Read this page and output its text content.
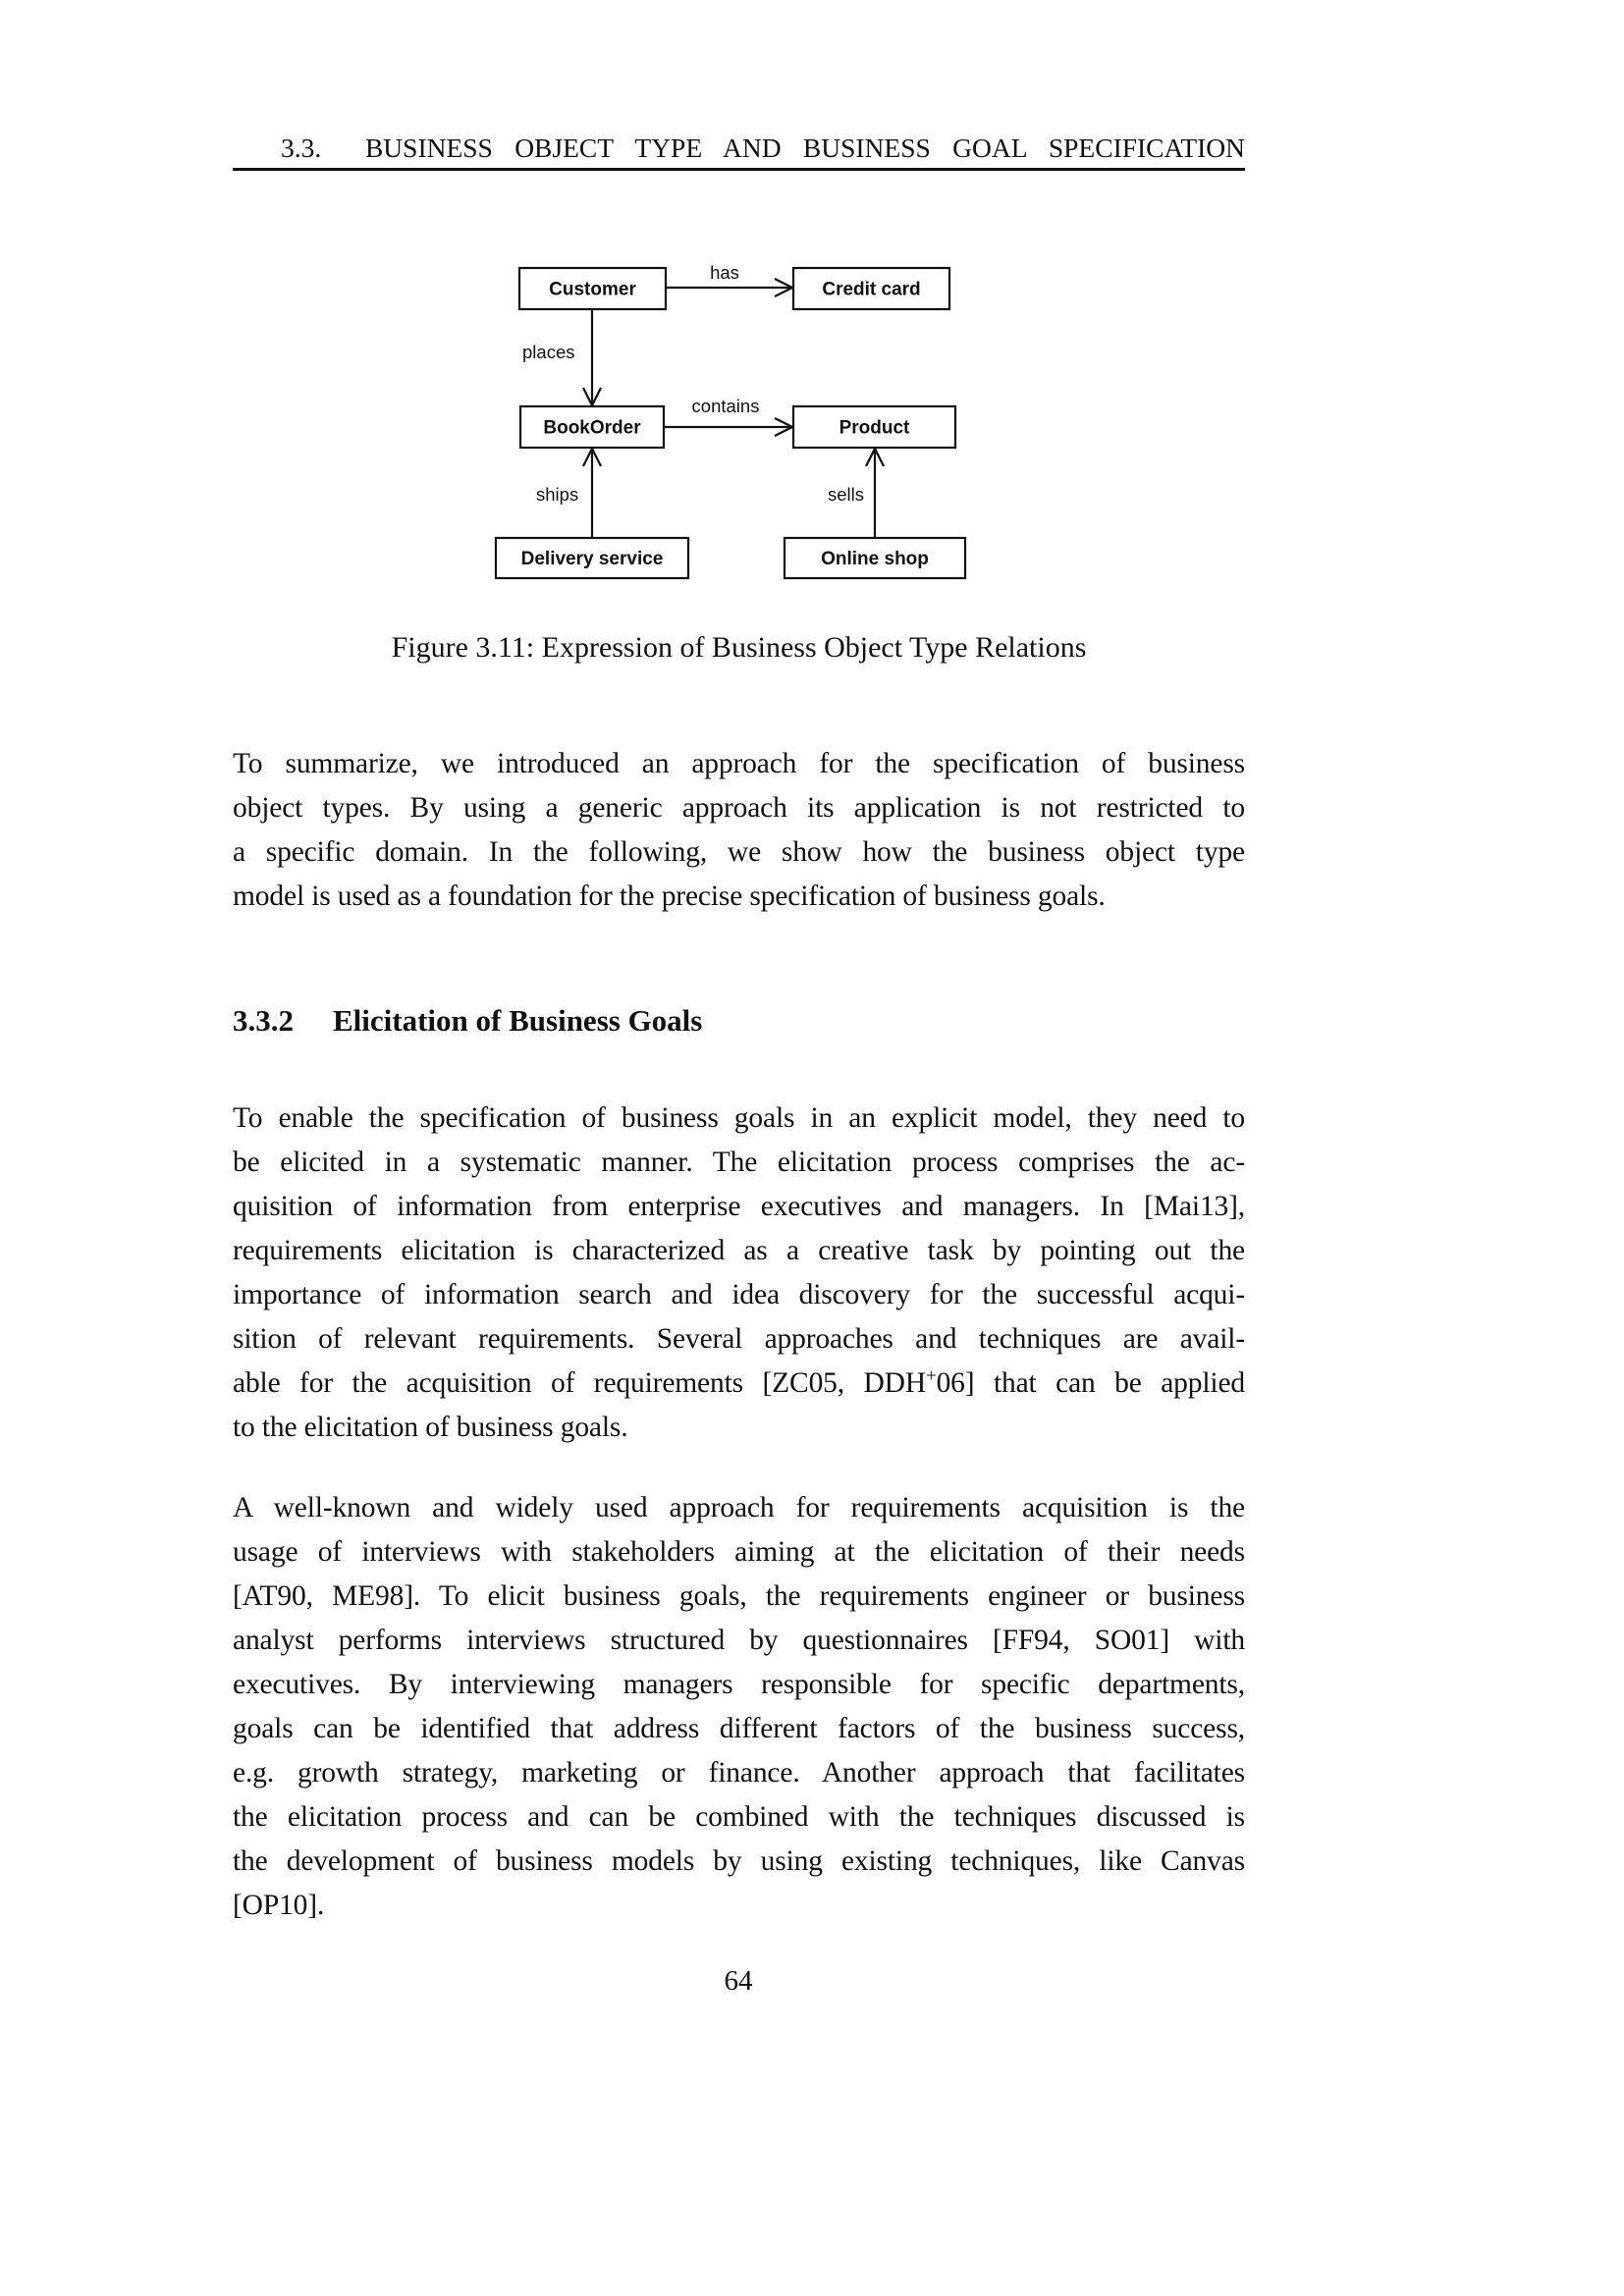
3.3. BUSINESS OBJECT TYPE AND BUSINESS GOAL SPECIFICATION
has
places
contains
ships	sells
Customer	Credit card
BookOrder	Product
Delivery service	Online shop
Figure 3.11: Expression of Business Object Type Relations
To summarize, we introduced an approach for the specification of business
object types. By using a generic approach its application is not restricted to
a specific domain. In the following, we show how the business object type
model is used as a foundation for the precise specification of business goals.
3.3.2 Elicitation of Business Goals
To enable the specification of business goals in an explicit model, they need to
be elicited in a systematic manner. The elicitation process comprises the ac-
quisition of information from enterprise executives and managers. In [Mai13],
requirements elicitation is characterized as a creative task by pointing out the
importance of information search and idea discovery for the successful acqui-
sition of relevant requirements. Several approaches and techniques are avail-
able for the acquisition of requirements [ZC05, DDH+06] that can be applied
to the elicitation of business goals.
A well-known and widely used approach for requirements acquisition is the
usage of interviews with stakeholders aiming at the elicitation of their needs
[AT90, ME98]. To elicit business goals, the requirements engineer or business
analyst performs interviews structured by questionnaires [FF94, SO01] with
executives. By interviewing managers responsible for specific departments,
goals can be identified that address different factors of the business success,
e.g. growth strategy, marketing or finance. Another approach that facilitates
the elicitation process and can be combined with the techniques discussed is
the development of business models by using existing techniques, like Canvas
[OP10].
64
